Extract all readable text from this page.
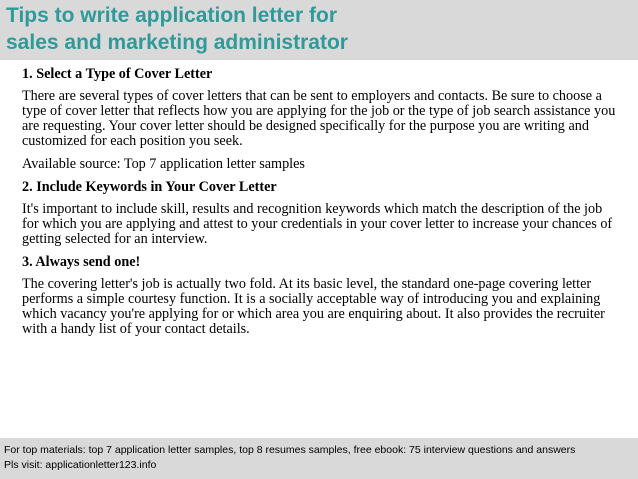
Tips to write application letter for
sales and marketing administrator

1. Select a Type of Cover Letter

There are several types of cover letters that can be sent to employers and contacts. Be sure to choose a type of cover letter that reflects how you are applying for the job or the type of job search assistance you are requesting. Your cover letter should be designed specifically for the purpose you are writing and customized for each position you seek.

Available source: Top 7 application letter samples

2. Include Keywords in Your Cover Letter

It's important to include skill, results and recognition keywords which match the description of the job for which you are applying and attest to your credentials in your cover letter to increase your chances of getting selected for an interview.

3. Always send one!

The covering letter's job is actually two fold. At its basic level, the standard one-page covering letter performs a simple courtesy function. It is a socially acceptable way of introducing you and explaining which vacancy you're applying for or which area you are enquiring about. It also provides the recruiter with a handy list of your contact details.

For top materials: top 7 application letter samples, top 8 resumes samples, free ebook: 75 interview questions and answers
Pls visit: applicationletter123.info
